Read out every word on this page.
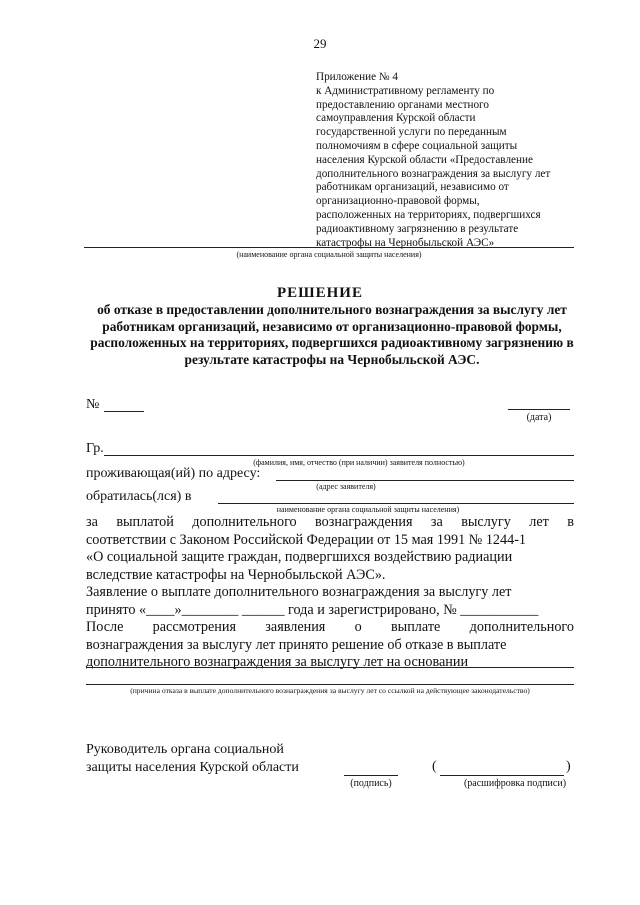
29
Приложение № 4
к Административному регламенту по
предоставлению органами местного
самоуправления Курской области
государственной услуги по переданным
полномочиям в сфере социальной защиты
населения Курской области «Предоставление
дополнительного вознаграждения за выслугу лет
работникам организаций, независимо от
организационно-правовой формы,
расположенных на территориях, подвергшихся
радиоактивному загрязнению в результате
катастрофы на Чернобыльской АЭС»
(наименование органа социальной защиты населения)
РЕШЕНИЕ
об отказе в предоставлении дополнительного вознаграждения за выслугу лет работникам организаций, независимо от организационно-правовой формы, расположенных на территориях, подвергшихся радиоактивному загрязнению в результате катастрофы на Чернобыльской АЭС.
№
(дата)
Гр.
(фамилия, имя, отчество (при наличии) заявителя полностью)
проживающая(ий) по адресу:
(адрес заявителя)
обратилась(лся) в
наименование органа социальной защиты населения)
за выплатой дополнительного вознаграждения за выслугу лет в
соответствии с Законом Российской Федерации от 15 мая 1991 № 1244-1
«О социальной защите граждан, подвергшихся воздействию радиации
вследствие катастрофы на Чернобыльской АЭС».
Заявление о выплате дополнительного вознаграждения за выслугу лет
принято «____»________ ______ года и зарегистрировано, № ___________
После рассмотрения заявления о выплате дополнительного
вознаграждения за выслугу лет принято решение об отказе в выплате
дополнительного вознаграждения за выслугу лет на основании
(причина отказа в выплате дополнительного вознаграждения за выслугу лет со ссылкой на действующее законодательство)
Руководитель органа социальной
защиты населения Курской области
(подпись)
(	)
(расшифровка подписи)
